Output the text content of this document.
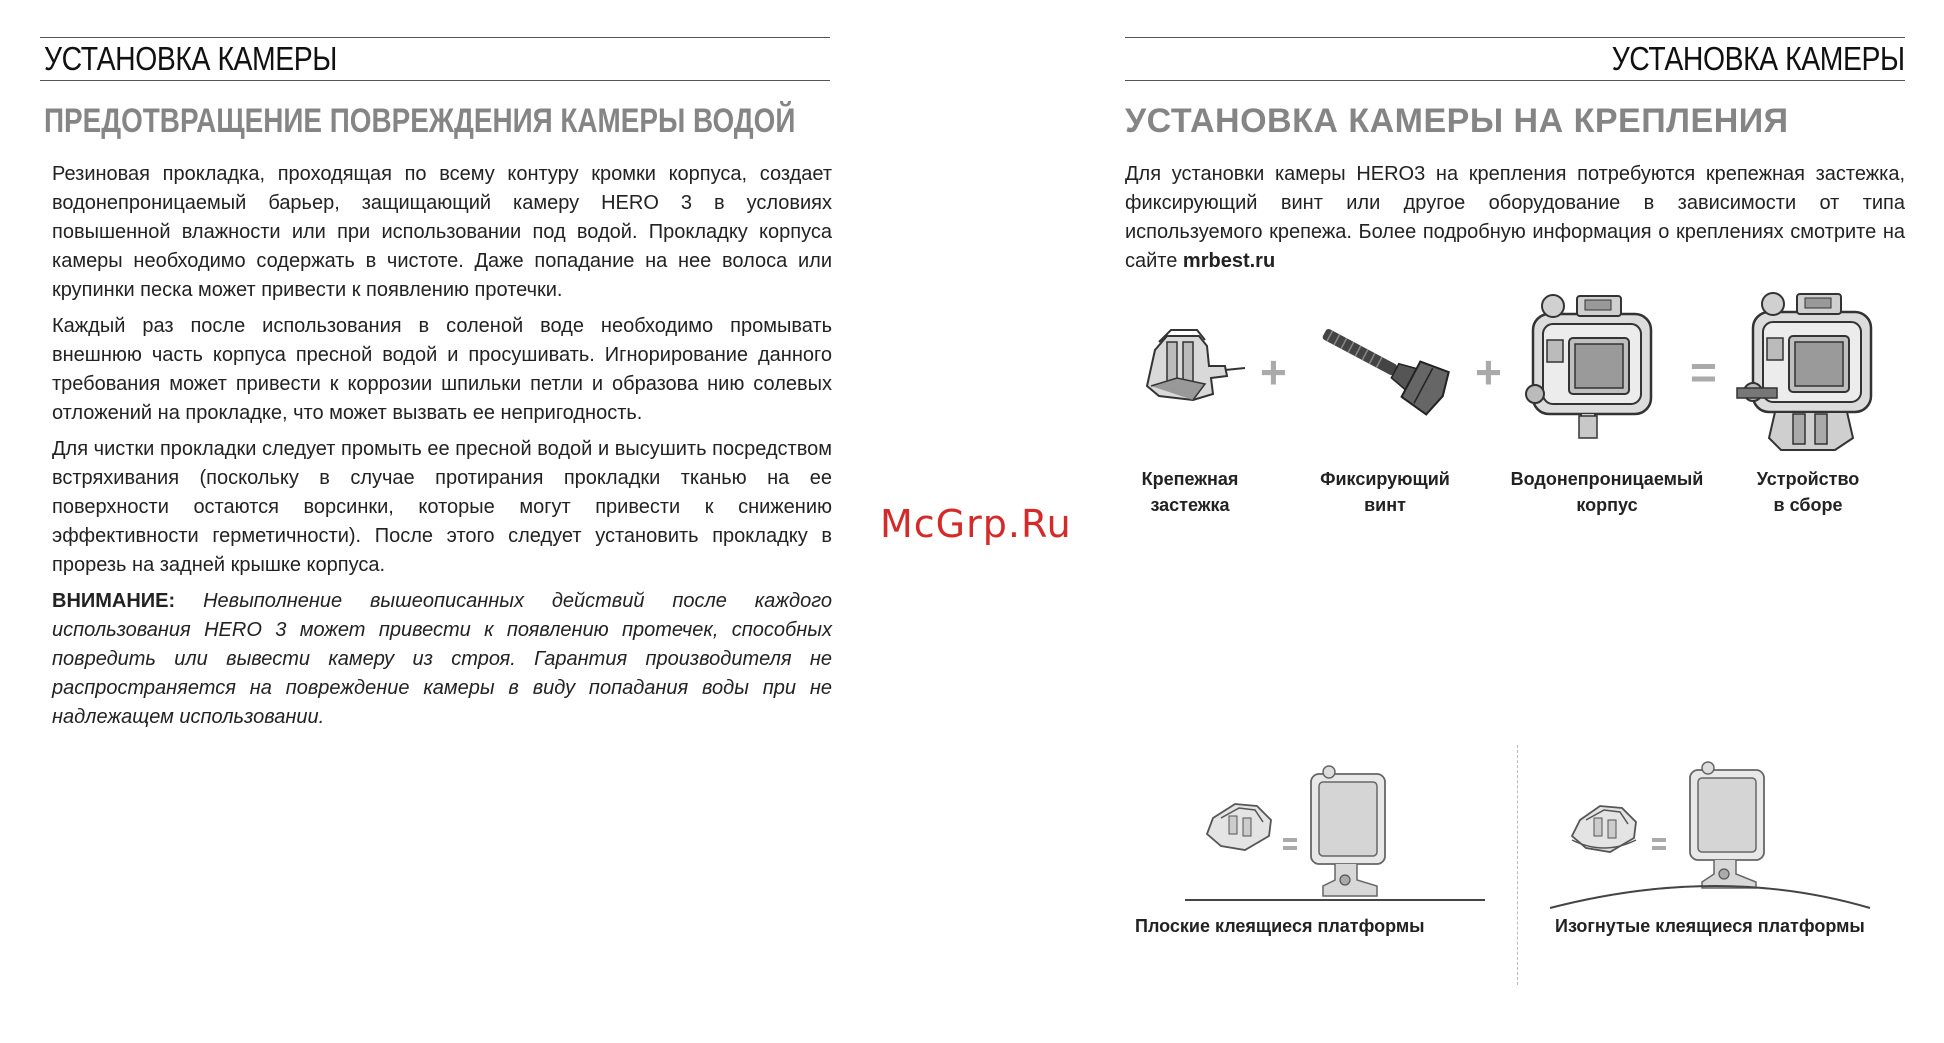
УСТАНОВКА КАМЕРЫ
ПРЕДОТВРАЩЕНИЕ ПОВРЕЖДЕНИЯ КАМЕРЫ ВОДОЙ

Резиновая прокладка, проходящая по всему контуру кромки корпуса, создает водонепроницаемый барьер, защищающий камеру HERO 3 в условиях повышенной влажности или при использовании под водой. Прокладку корпуса камеры необходимо содержать в чистоте. Даже попадание на нее волоса или крупинки песка может привести к появлению протечки.

Каждый раз после использования в соленой воде необходимо промывать внешнюю часть корпуса пресной водой и просушивать. Игнорирование данного требования может привести к коррозии шпильки петли и образова нию солевых отложений на прокладке, что может вызвать ее непригодность.

Для чистки прокладки следует промыть ее пресной водой и высушить посредством встряхивания (поскольку в случае протирания прокладки тканью на ее поверхности остаются ворсинки, которые могут привести к снижению эффективности герметичности). После этого следует установить прокладку в прорезь на задней крышке корпуса.

ВНИМАНИЕ: Невыполнение вышеописанных действий после каждого использования HERO 3 может привести к появлению протечек, способных повредить или вывести камеру из строя. Гарантия производителя не распространяется на повреждение камеры в виду попадания воды при не надлежащем использовании.

McGrp.Ru
УСТАНОВКА КАМЕРЫ
УСТАНОВКА КАМЕРЫ НА КРЕПЛЕНИЯ
Для установки камеры HERO3 на крепления потребуются крепежная застежка, фиксирующий винт или другое оборудование в зависимости от типа используемого крепежа. Более подробную информация о креплениях смотрите на сайте mrbest.ru
+	+	=
Крепежная
застежка
Фиксирующий
винт
Водонепроницаемый
корпус
Устройство
в сборе
Плоские клеящиеся платформы	Изогнутые клеящиеся платформы
